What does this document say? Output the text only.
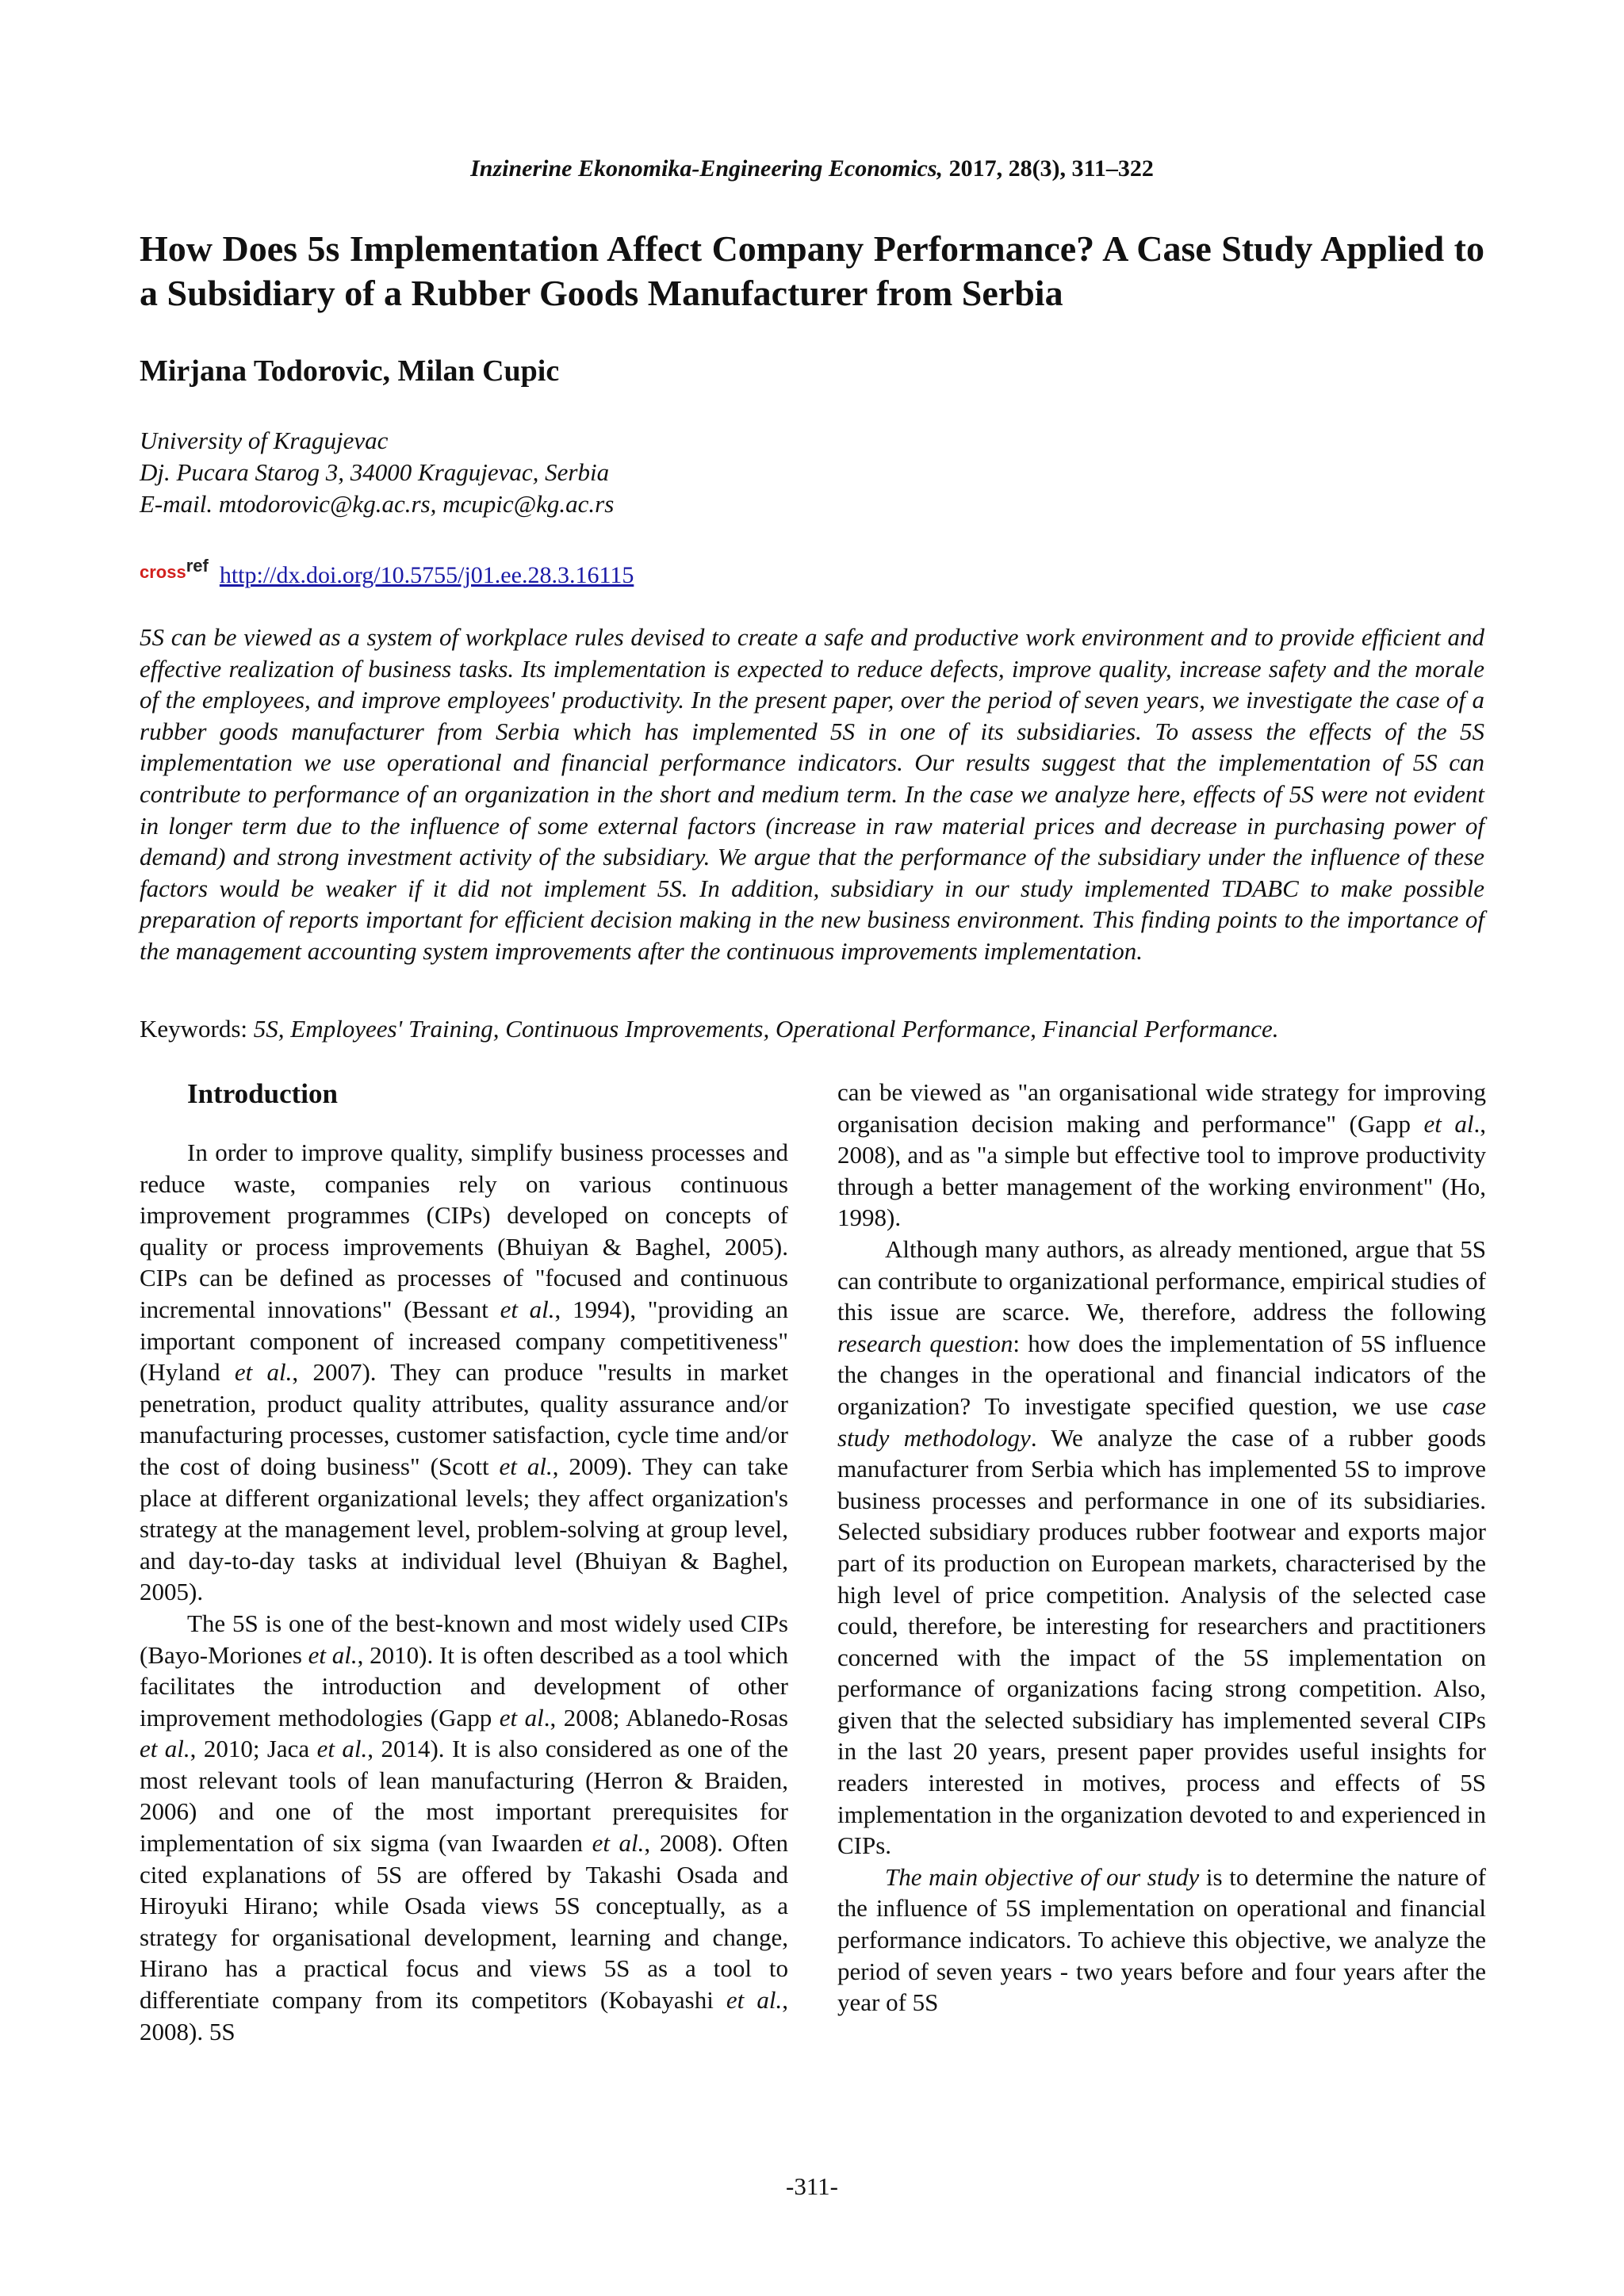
Inzinerine Ekonomika-Engineering Economics, 2017, 28(3), 311–322
How Does 5s Implementation Affect Company Performance? A Case Study Applied to a Subsidiary of a Rubber Goods Manufacturer from Serbia
Mirjana Todorovic, Milan Cupic
University of Kragujevac
Dj. Pucara Starog 3, 34000 Kragujevac, Serbia
E-mail. mtodorovic@kg.ac.rs, mcupic@kg.ac.rs
crossref http://dx.doi.org/10.5755/j01.ee.28.3.16115

5S can be viewed as a system of workplace rules devised to create a safe and productive work environment and to provide efficient and effective realization of business tasks. Its implementation is expected to reduce defects, improve quality, increase safety and the morale of the employees, and improve employees' productivity. In the present paper, over the period of seven years, we investigate the case of a rubber goods manufacturer from Serbia which has implemented 5S in one of its subsidiaries. To assess the effects of the 5S implementation we use operational and financial performance indicators. Our results suggest that the implementation of 5S can contribute to performance of an organization in the short and medium term. In the case we analyze here, effects of 5S were not evident in longer term due to the influence of some external factors (increase in raw material prices and decrease in purchasing power of demand) and strong investment activity of the subsidiary. We argue that the performance of the subsidiary under the influence of these factors would be weaker if it did not implement 5S. In addition, subsidiary in our study implemented TDABC to make possible preparation of reports important for efficient decision making in the new business environment. This finding points to the importance of the management accounting system improvements after the continuous improvements implementation.

Keywords: 5S, Employees' Training, Continuous Improvements, Operational Performance, Financial Performance.
Introduction

In order to improve quality, simplify business processes and reduce waste, companies rely on various continuous improvement programmes (CIPs) developed on concepts of quality or process improvements (Bhuiyan & Baghel, 2005). CIPs can be defined as processes of "focused and continuous incremental innovations" (Bessant et al., 1994), "providing an important component of increased company competitiveness" (Hyland et al., 2007). They can produce "results in market penetration, product quality attributes, quality assurance and/or manufacturing processes, customer satisfaction, cycle time and/or the cost of doing business" (Scott et al., 2009). They can take place at different organizational levels; they affect organization's strategy at the management level, problem-solving at group level, and day-to-day tasks at individual level (Bhuiyan & Baghel, 2005).

The 5S is one of the best-known and most widely used CIPs (Bayo-Moriones et al., 2010). It is often described as a tool which facilitates the introduction and development of other improvement methodologies (Gapp et al., 2008; Ablanedo-Rosas et al., 2010; Jaca et al., 2014). It is also considered as one of the most relevant tools of lean manufacturing (Herron & Braiden, 2006) and one of the most important prerequisites for implementation of six sigma (van Iwaarden et al., 2008). Often cited explanations of 5S are offered by Takashi Osada and Hiroyuki Hirano; while Osada views 5S conceptually, as a strategy for organisational development, learning and change, Hirano has a practical focus and views 5S as a tool to differentiate company from its competitors (Kobayashi et al., 2008). 5S

can be viewed as "an organisational wide strategy for improving organisation decision making and performance" (Gapp et al., 2008), and as "a simple but effective tool to improve productivity through a better management of the working environment" (Ho, 1998).

Although many authors, as already mentioned, argue that 5S can contribute to organizational performance, empirical studies of this issue are scarce. We, therefore, address the following research question: how does the implementation of 5S influence the changes in the operational and financial indicators of the organization? To investigate specified question, we use case study methodology. We analyze the case of a rubber goods manufacturer from Serbia which has implemented 5S to improve business processes and performance in one of its subsidiaries. Selected subsidiary produces rubber footwear and exports major part of its production on European markets, characterised by the high level of price competition. Analysis of the selected case could, therefore, be interesting for researchers and practitioners concerned with the impact of the 5S implementation on performance of organizations facing strong competition. Also, given that the selected subsidiary has implemented several CIPs in the last 20 years, present paper provides useful insights for readers interested in motives, process and effects of 5S implementation in the organization devoted to and experienced in CIPs.

The main objective of our study is to determine the nature of the influence of 5S implementation on operational and financial performance indicators. To achieve this objective, we analyze the period of seven years - two years before and four years after the year of 5S

-311-
